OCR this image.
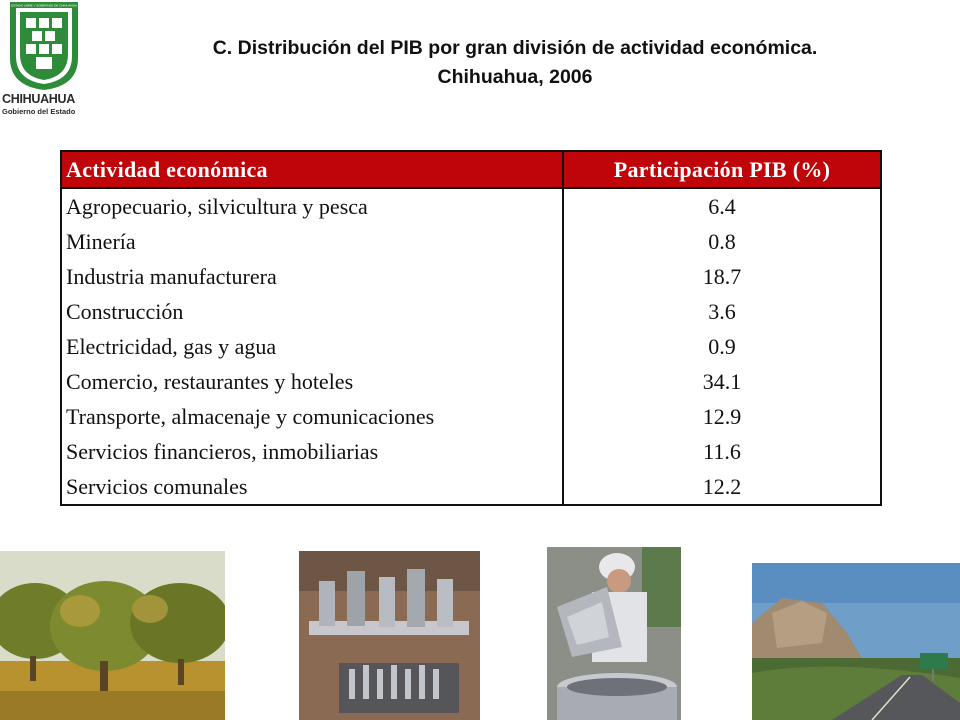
ESTADO LIBRE Y SOBERANO DE CHIHUAHUA
CHIHUAHUA
Gobierno del Estado
C. Distribución del PIB por gran división de actividad económica.
Chihuahua, 2006
Actividad económica	Participación PIB (%)
Agropecuario, silvicultura y pesca	6.4
Minería	0.8
Industria manufacturera	18.7
Construcción	3.6
Electricidad, gas y agua	0.9
Comercio, restaurantes y hoteles	34.1
Transporte, almacenaje y comunicaciones	12.9
Servicios financieros, inmobiliarias	11.6
Servicios comunales	12.2
